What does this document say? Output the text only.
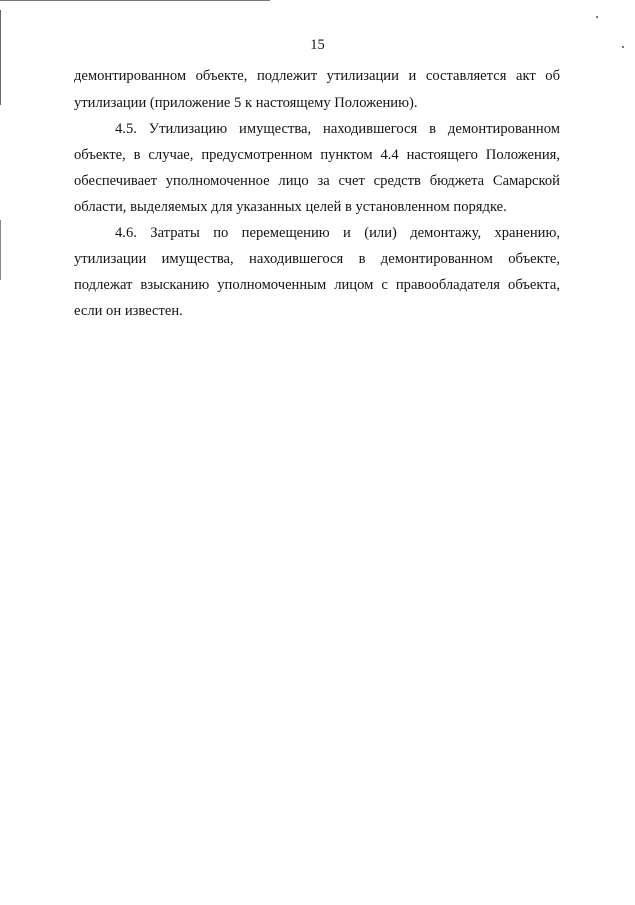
15
демонтированном объекте, подлежит утилизации и составляется акт об
утилизации (приложение 5 к настоящему Положению).
4.5. Утилизацию имущества, находившегося в демонтированном
объекте, в случае, предусмотренном пунктом 4.4 настоящего Положения,
обеспечивает уполномоченное лицо за счет средств бюджета Самарской
области, выделяемых для указанных целей в установленном порядке.
4.6. Затраты по перемещению и (или) демонтажу, хранению,
утилизации имущества, находившегося в демонтированном объекте,
подлежат взысканию уполномоченным лицом с правообладателя объекта,
если он известен.
